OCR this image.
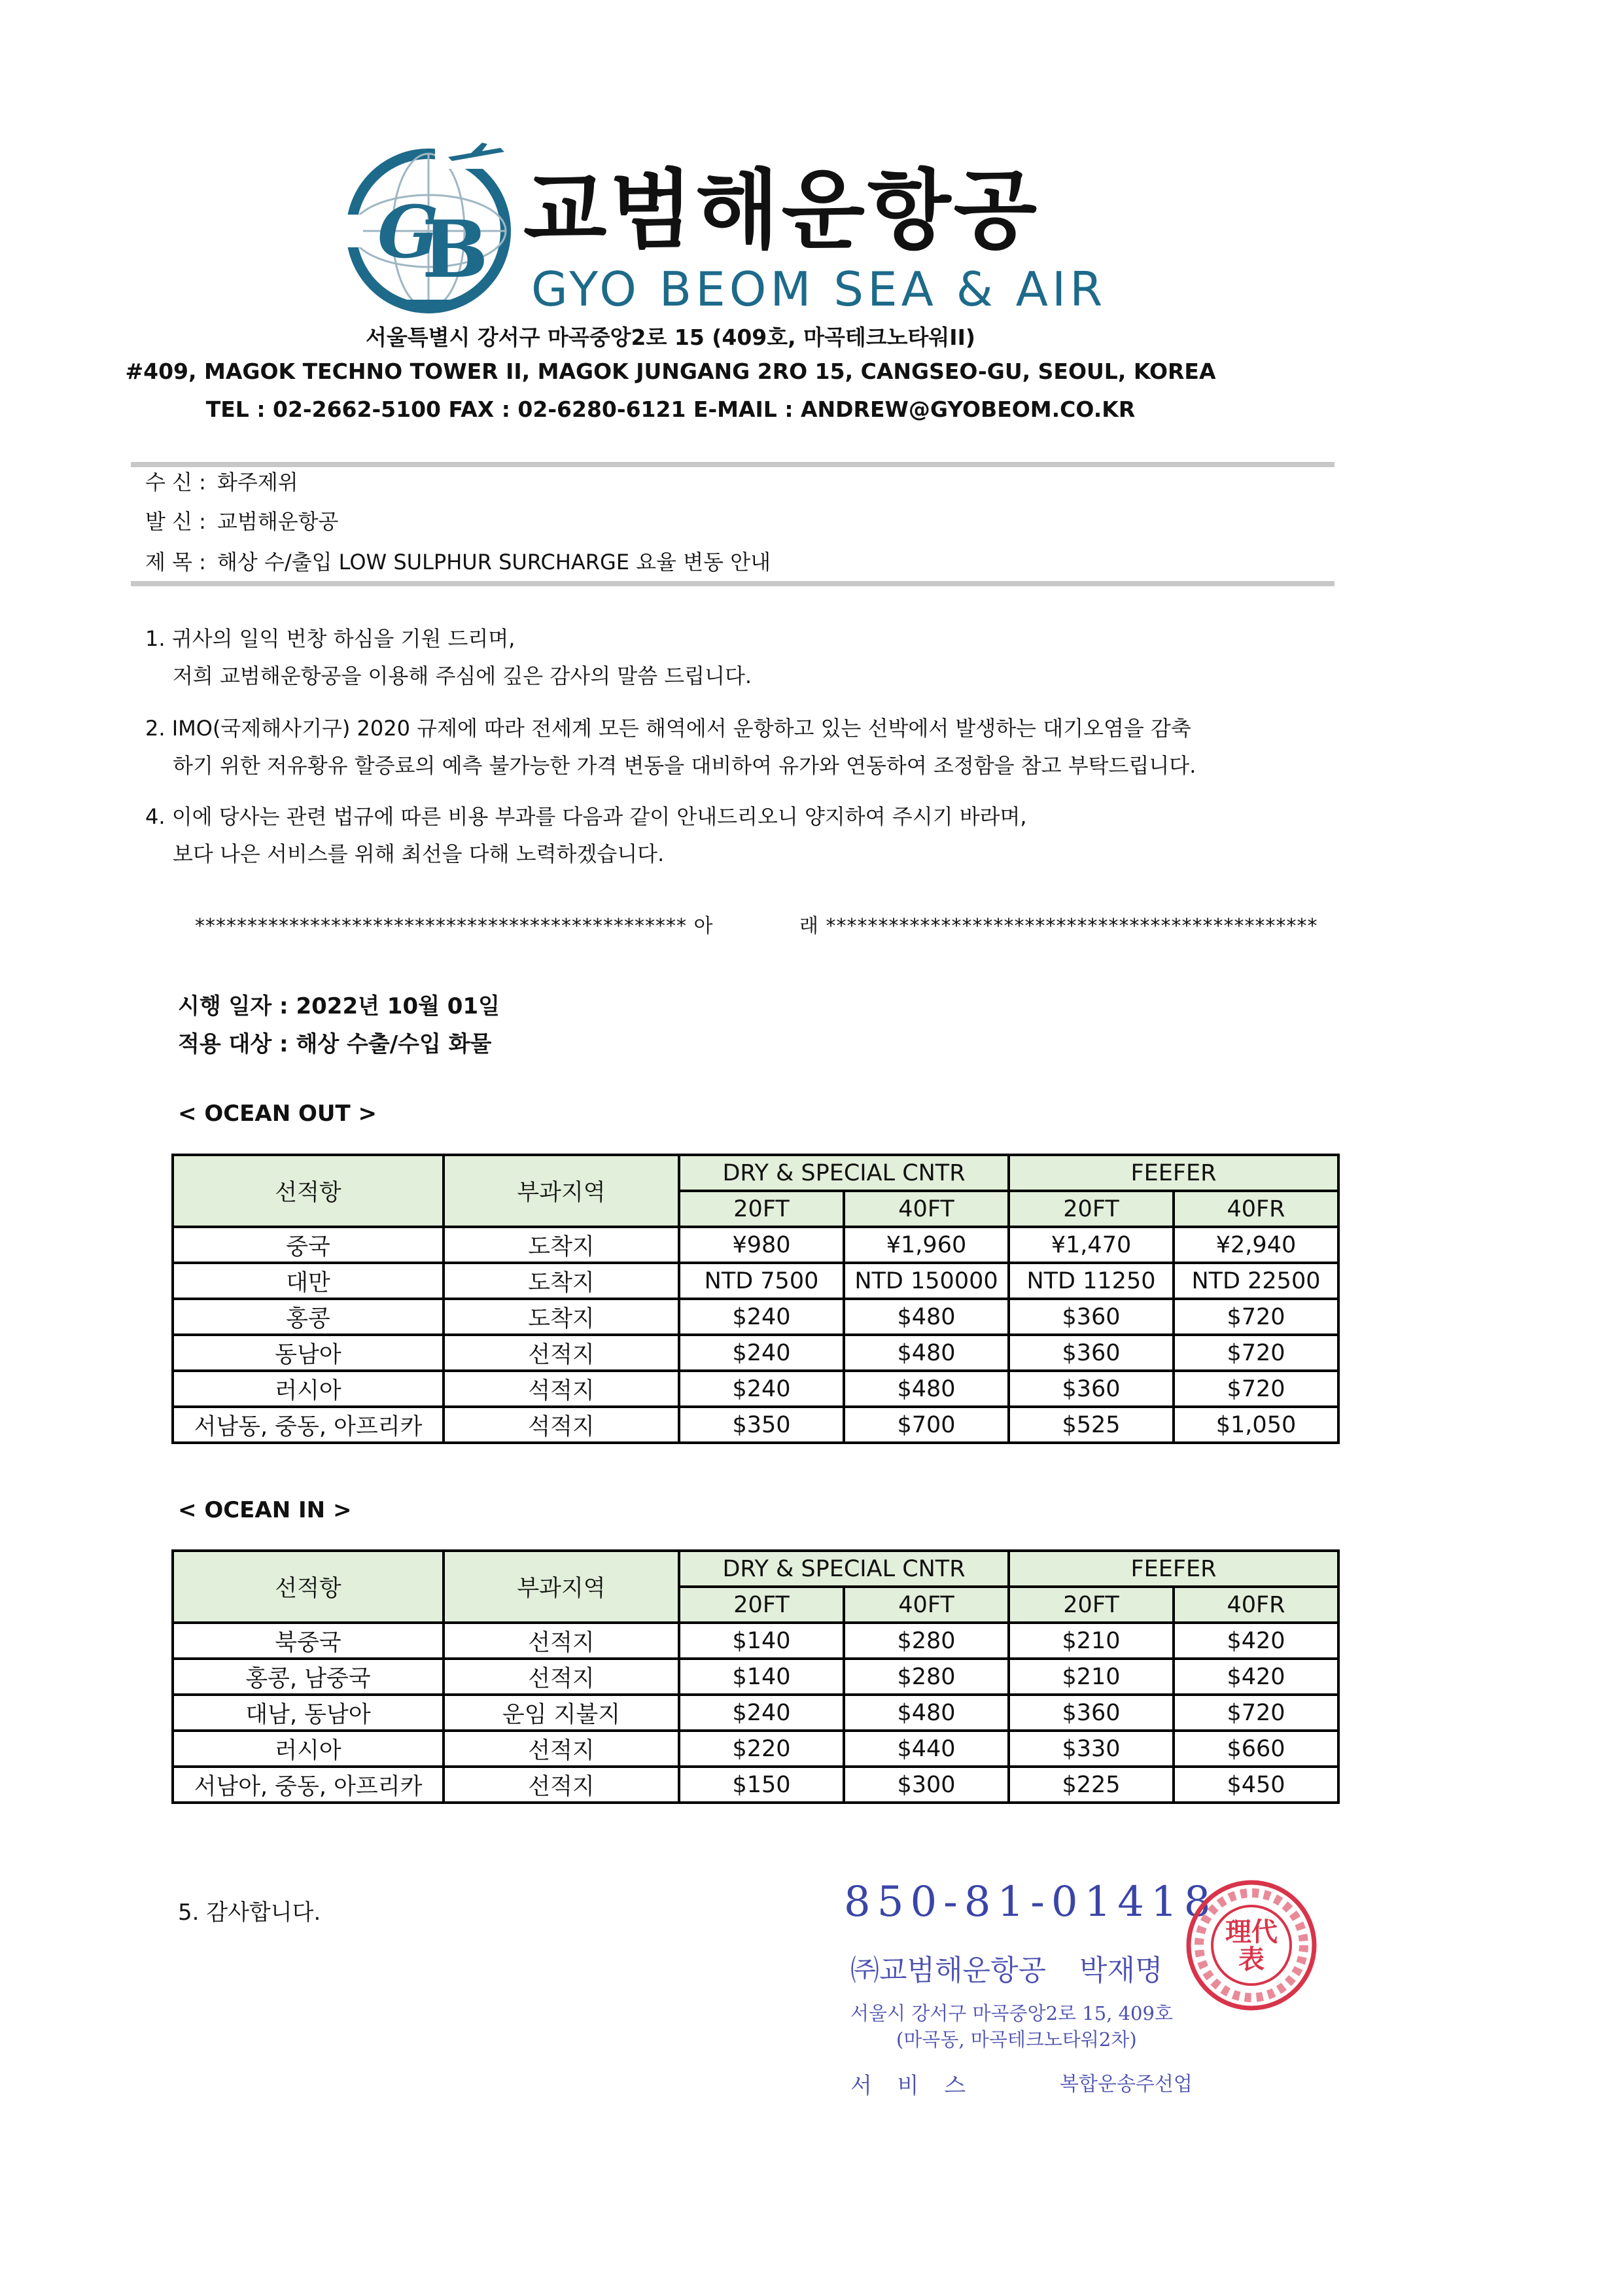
G
B 교범해운항공
GYO BEOM SEA & AIR
서울특별시 강서구 마곡중앙2로 15 (409호, 마곡테크노타워II)
#409, MAGOK TECHNO TOWER II, MAGOK JUNGANG 2RO 15, CANGSEO-GU, SEOUL, KOREA
TEL : 02-2662-5100 FAX : 02-6280-6121 E-MAIL : ANDREW@GYOBEOM.CO.KR
수 신 : 화주제위
발 신 : 교범해운항공
제 목 : 해상 수/출입 LOW SULPHUR SURCHARGE 요율 변동 안내
1. 귀사의 일익 번창 하심을 기원 드리며,
저희 교범해운항공을 이용해 주심에 깊은 감사의 말씀 드립니다.
2. IMO(국제해사기구) 2020 규제에 따라 전세계 모든 해역에서 운항하고 있는 선박에서 발생하는 대기오염을 감축
하기 위한 저유황유 할증료의 예측 불가능한 가격 변동을 대비하여 유가와 연동하여 조정함을 참고 부탁드립니다.
4. 이에 당사는 관련 법규에 따른 비용 부과를 다음과 같이 안내드리오니 양지하여 주시기 바라며,
보다 나은 서비스를 위해 최선을 다해 노력하겠습니다.
*********************************************** 아	래 ***********************************************
시행 일자 : 2022년 10월 01일
적용 대상 : 해상 수출/수입 화물
< OCEAN OUT >
선적항	부과지역	DRY & SPECIAL CNTR		FEEFER	
		20FT	40FT	20FT	40FR
중국	도착지	¥980	¥1,960	¥1,470	¥2,940
대만	도착지	NTD 7500	NTD 150000	NTD 11250	NTD 22500
홍콩	도착지	$240	$480	$360	$720
동남아	선적지	$240	$480	$360	$720
러시아	석적지	$240	$480	$360	$720
서남동, 중동, 아프리카	석적지	$350	$700	$525	$1,050
< OCEAN IN >
선적항	부과지역	DRY & SPECIAL CNTR		FEEFER	
		20FT	40FT	20FT	40FR
북중국	선적지	$140	$280	$210	$420
홍콩, 남중국	선적지	$140	$280	$210	$420
대남, 동남아	운임 지불지	$240	$480	$360	$720
러시아	선적지	$220	$440	$330	$660
서남아, 중동, 아프리카	선적지	$150	$300	$225	$450
5. 감사합니다.	850-81-01418
㈜교범해운항공 박재명
서울시 강서구 마곡중앙2로 15, 409호
(마곡동, 마곡테크노타워2차)
서 비 스	복합운송주선업
理代
表
